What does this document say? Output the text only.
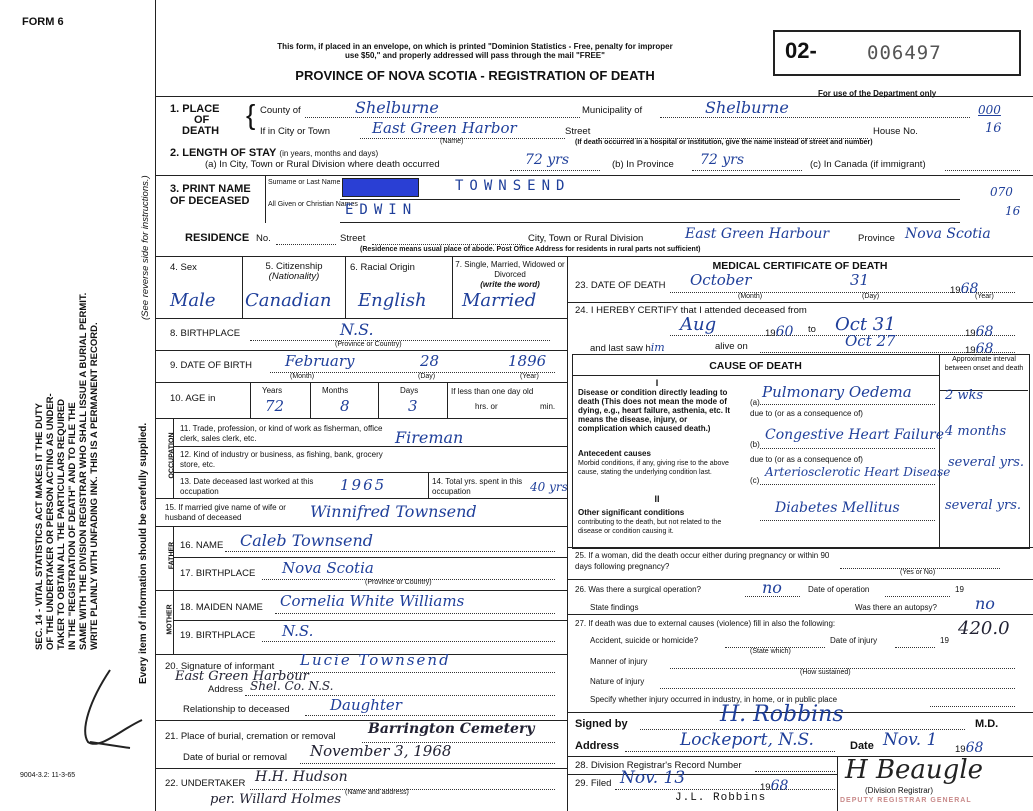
FORM 6
This form, if placed in an envelope, on which is printed "Dominion Statistics - Free, penalty for improper
use $50," and properly addressed will pass through the mail "FREE"
PROVINCE OF NOVA SCOTIA - REGISTRATION OF DEATH
02-	006497
For use of the Department only
SEC. 14 - VITAL STATISTICS ACT MAKES IT THE DUTY OF THE UNDERTAKER OR PERSON ACTING AS UNDER- TAKER TO OBTAIN ALL THE PARTICULARS REQUIRED IN THE "REGISTRATION OF DEATH" AND TO FILE THE SAME WITH THE DIVISION REGISTRAR WHO SHALL ISSUE A BURIAL PERMIT. WRITE PLAINLY WITH UNFADING INK. THIS IS A PERMANENT RECORD.	Every item of information should be carefully supplied.
(See reverse side for instructions.)
9004-3.2: 11-3-65
1. PLACE
OF
DEATH
{ County of	Shelburne	Municipality of	Shelburne	000
If in City or Town	East Green Harbor
(Name)
Street	House No.	16
(If death occurred in a hospital or institution, give the name instead of street and number)
2. LENGTH OF STAY (in years, months and days)
(a) In City, Town or Rural Division where death occurred	72 yrs	(b) In Province 72 yrs	(c) In Canada (if immigrant)
3. PRINT NAME
OF DECEASED
Surname or Last Name
All Given or Christian Names
TOWNSEND
EDWIN
070
16
RESIDENCE No.	Street	City, Town or Rural Division	East Green Harbour	Province Nova Scotia
(Residence means usual place of abode. Post Office Address for residents in rural parts not sufficient)
4. Sex	5. Citizenship
(Nationality)
6. Racial Origin	7. Single, Married, Widowed or Divorced
(write the word)
Male Canadian English Married
8. BIRTHPLACE	N.S.
(Province or Country)
9. DATE OF BIRTH February	28	1896
(Month)	(Day)	(Year)
10. AGE in
Years
72
Months
8
Days
3
If less than one day old
hrs. or	min.
OCCUPATION
11. Trade, profession, or kind of work as fisherman, office clerk, sales clerk, etc.	Fireman
12. Kind of industry or business, as fishing, bank, grocery store, etc.
13. Date deceased last worked at this occupation	1965	14. Total yrs. spent in this occupation	40 yrs
15. If married give name of wife or husband of deceased	Winnifred Townsend
FATHER 16. NAME Caleb Townsend
17. BIRTHPLACE Nova Scotia
(Province or Country)
MOTHER 18. MAIDEN NAME Cornelia White Williams
19. BIRTHPLACE N.S.
20. Signature of informant Lucie Townsend
East Green Harbour
Address Shel. Co. N.S.
Relationship to deceased	Daughter
21. Place of burial, cremation or removal Barrington Cemetery
Date of burial or removal November 3, 1968
22. UNDERTAKER H.H. Hudson
(Name and address)
per. Willard Holmes
MEDICAL CERTIFICATE OF DEATH
23. DATE OF DEATH October	31
1968
(Month)	(Day)	(Year)
24. I HEREBY CERTIFY that I attended deceased from
Aug	1960 to Oct 31	1968
and last saw him	alive on	Oct 27
1968
CAUSE OF DEATH
Approximate interval between onset and death
I
Disease or condition directly leading to death (This does not mean the mode of dying, e.g., heart failure, asthenia, etc. It means the disease, injury, or complication which caused death.)
(a)
Pulmonary Oedema	2 wks
due to (or as a consequence of)
Antecedent causes
Morbid conditions, if any, giving rise to the above cause, stating the underlying condition last.
(b)
Congestive Heart Failure 4 months
due to (or as a consequence of)
(c)
Arteriosclerotic Heart Disease
several yrs.
II
Other significant conditions
contributing to the death, but not related to the disease or condition causing it.
Diabetes Mellitus	several yrs.
25. If a woman, did the death occur either during pregnancy or within 90 days following pregnancy?
(Yes or No)
26. Was there a surgical operation?	no	Date of operation	19
State findings	Was there an autopsy? no
27. If death was due to external causes (violence) fill in also the following:	420.0
Accident, suicide or homicide?
(State which)
Date of injury	19
Manner of injury
(How sustained)
Nature of injury
Specify whether injury occurred in industry, in home, or in public place
Signed by	H. Robbins	M.D.
Address	Lockeport, N.S.	Date Nov. 1 1968
28. Division Registrar's Record Number
29. Filed Nov. 13	1968
J.L. Robbins
H Beaugle
(Division Registrar)
DEPUTY REGISTRAR GENERAL
